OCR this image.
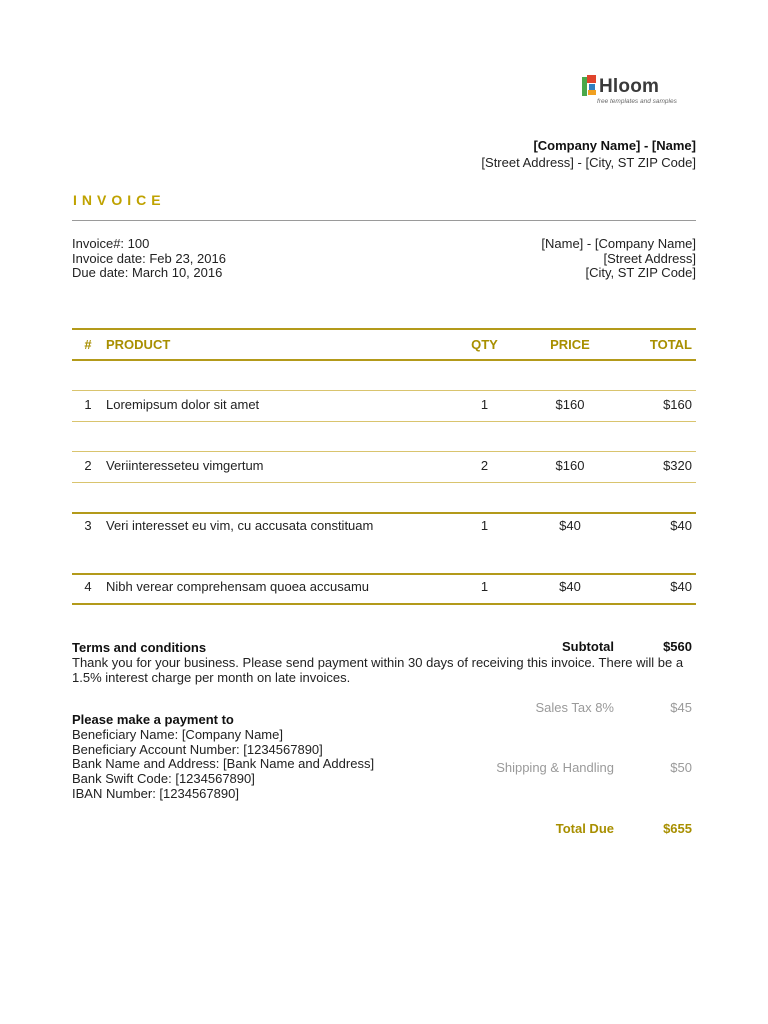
Hloom
free templates and samples
[Company Name] - [Name]
[Street Address] - [City, ST ZIP Code]
INVOICE
Invoice#: 100
Invoice date: Feb 23, 2016
Due date: March 10, 2016
[Name] - [Company Name]
[Street Address]
[City, ST ZIP Code]
#	PRODUCT	QTY	PRICE	TOTAL
1	Loremipsum dolor sit amet	1	$160	$160
2	Veriinteresseteu vimgertum	2	$160	$320
3	Veri interesset eu vim, cu accusata constituam	1	$40	$40
4	Nibh verear comprehensam quoea accusamu	1	$40	$40
Subtotal	$560
Sales Tax 8%	$45
Shipping & Handling	$50
Total Due	$655
Terms and conditions
Thank you for your business. Please send payment within 30 days of receiving this invoice. There will be a 1.5% interest charge per month on late invoices.
Please make a payment to
Beneficiary Name: [Company Name]
Beneficiary Account Number: [1234567890]
Bank Name and Address: [Bank Name and Address]
Bank Swift Code: [1234567890]
IBAN Number: [1234567890]
